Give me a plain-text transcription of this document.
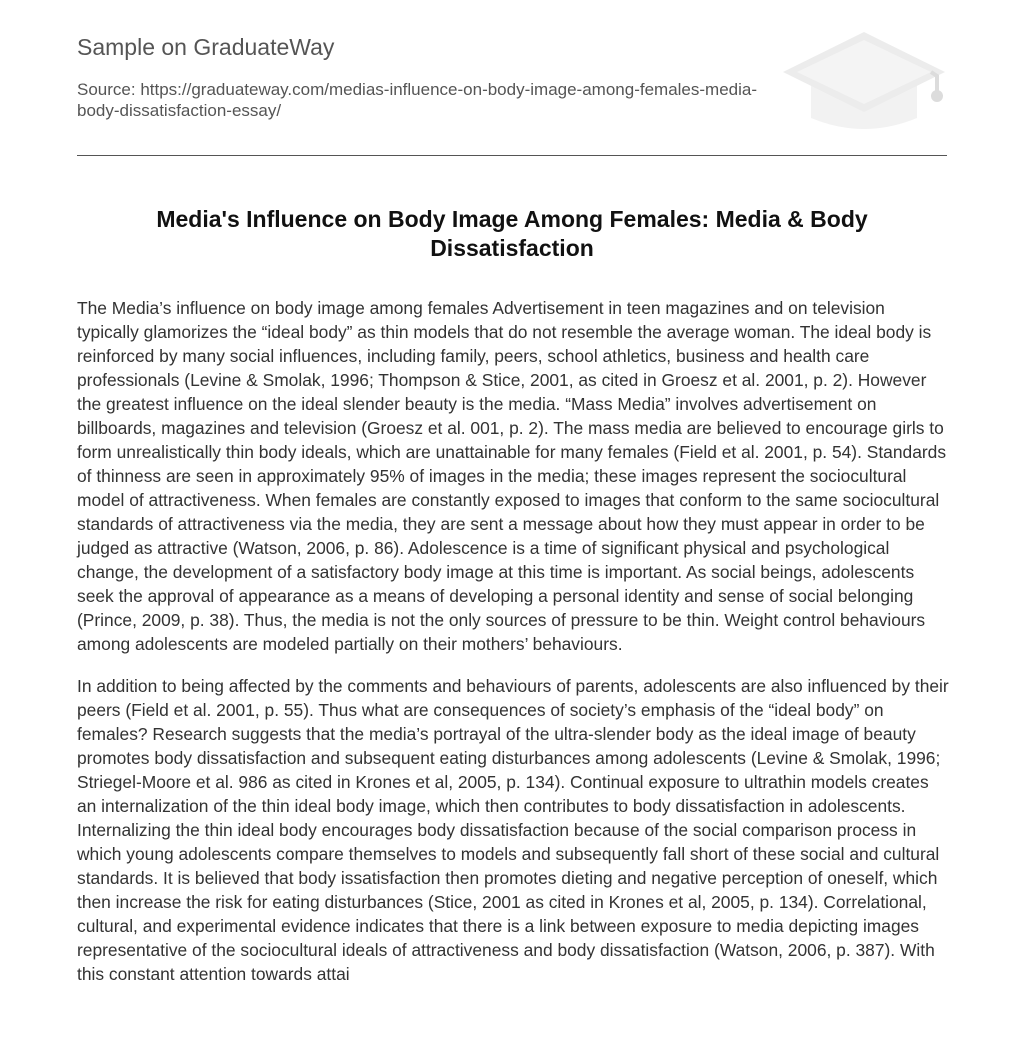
Sample on GraduateWay
Source: https://graduateway.com/medias-influence-on-body-image-among-females-media-body-dissatisfaction-essay/
Media's Influence on Body Image Among Females: Media & Body Dissatisfaction

The Media’s influence on body image among females Advertisement in teen magazines and on television typically glamorizes the “ideal body” as thin models that do not resemble the average woman. The ideal body is reinforced by many social influences, including family, peers, school athletics, business and health care professionals (Levine & Smolak, 1996; Thompson & Stice, 2001, as cited in Groesz et al. 2001, p. 2). However the greatest influence on the ideal slender beauty is the media. “Mass Media” involves advertisement on billboards, magazines and television (Groesz et al. 001, p. 2). The mass media are believed to encourage girls to form unrealistically thin body ideals, which are unattainable for many females (Field et al. 2001, p. 54). Standards of thinness are seen in approximately 95% of images in the media; these images represent the sociocultural model of attractiveness. When females are constantly exposed to images that conform to the same sociocultural standards of attractiveness via the media, they are sent a message about how they must appear in order to be judged as attractive (Watson, 2006, p. 86). Adolescence is a time of significant physical and psychological change, the development of a satisfactory body image at this time is important. As social beings, adolescents seek the approval of appearance as a means of developing a personal identity and sense of social belonging (Prince, 2009, p. 38). Thus, the media is not the only sources of pressure to be thin. Weight control behaviours among adolescents are modeled partially on their mothers’ behaviours.

In addition to being affected by the comments and behaviours of parents, adolescents are also influenced by their peers (Field et al. 2001, p. 55). Thus what are consequences of society’s emphasis of the “ideal body” on females? Research suggests that the media’s portrayal of the ultra-slender body as the ideal image of beauty promotes body dissatisfaction and subsequent eating disturbances among adolescents (Levine & Smolak, 1996; Striegel-Moore et al. 986 as cited in Krones et al, 2005, p. 134). Continual exposure to ultrathin models creates an internalization of the thin ideal body image, which then contributes to body dissatisfaction in adolescents. Internalizing the thin ideal body encourages body dissatisfaction because of the social comparison process in which young adolescents compare themselves to models and subsequently fall short of these social and cultural standards. It is believed that body issatisfaction then promotes dieting and negative perception of oneself, which then increase the risk for eating disturbances (Stice, 2001 as cited in Krones et al, 2005, p. 134). Correlational, cultural, and experimental evidence indicates that there is a link between exposure to media depicting images representative of the sociocultural ideals of attractiveness and body dissatisfaction (Watson, 2006, p. 387). With this constant attention towards attai
